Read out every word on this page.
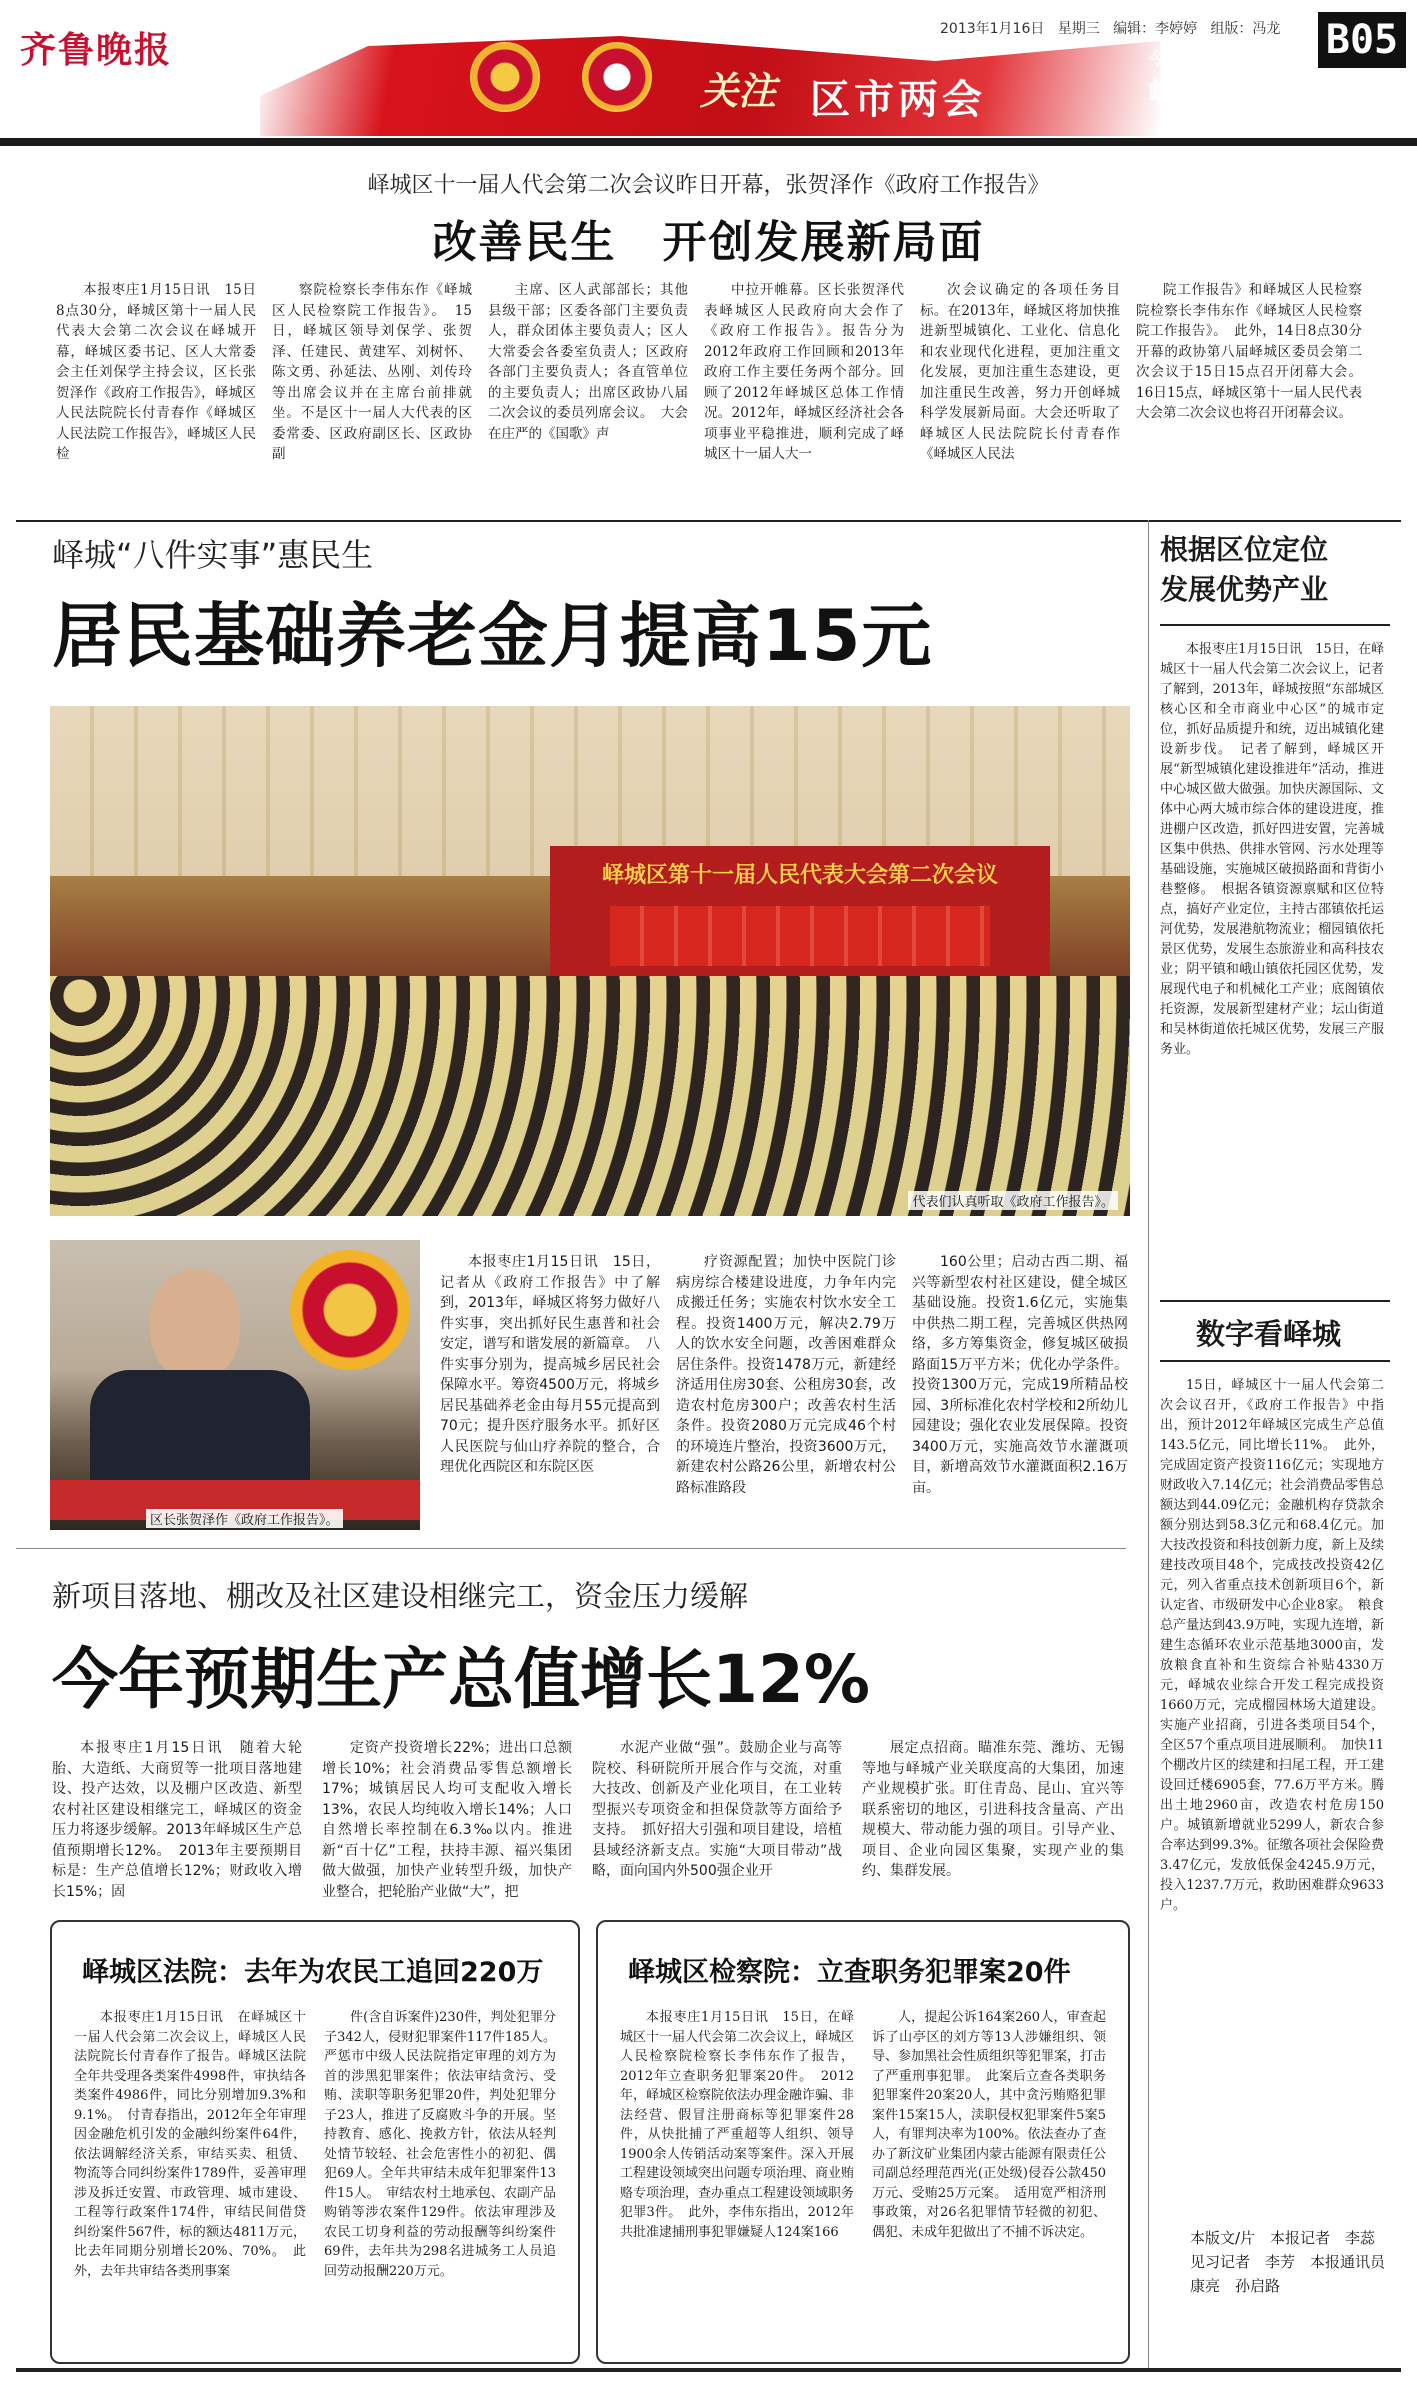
齐鲁晚报
关注 区市两会
2013年1月16日 星期三 编辑：李婷婷 组版：冯龙
今日枣庄
峄城篇
B05
峄城区十一届人代会第二次会议昨日开幕，张贺泽作《政府工作报告》
改善民生　开创发展新局面

本报枣庄1月15日讯　15日8点30分，峄城区第十一届人民代表大会第二次会议在峄城开幕，峄城区委书记、区人大常委会主任刘保学主持会议，区长张贺泽作《政府工作报告》，峄城区人民法院院长付青春作《峄城区人民法院工作报告》，峄城区人民检

察院检察长李伟东作《峄城区人民检察院工作报告》。　15日，峄城区领导刘保学、张贺泽、任建民、黄建军、刘树怀、陈文勇、孙延法、丛刚、刘传玲等出席会议并在主席台前排就坐。不是区十一届人大代表的区委常委、区政府副区长、区政协副

主席、区人武部部长；其他县级干部；区委各部门主要负责人，群众团体主要负责人；区人大常委会各委室负责人；区政府各部门主要负责人；各直管单位的主要负责人；出席区政协八届二次会议的委员列席会议。　大会在庄严的《国歌》声

中拉开帷幕。区长张贺泽代表峄城区人民政府向大会作了《政府工作报告》。报告分为2012年政府工作回顾和2013年政府工作主要任务两个部分。回顾了2012年峄城区总体工作情况。2012年，峄城区经济社会各项事业平稳推进，顺利完成了峄城区十一届人大一

次会议确定的各项任务目标。在2013年，峄城区将加快推进新型城镇化、工业化、信息化和农业现代化进程，更加注重文化发展，更加注重生态建设，更加注重民生改善，努力开创峄城科学发展新局面。大会还听取了峄城区人民法院院长付青春作《峄城区人民法

院工作报告》和峄城区人民检察院检察长李伟东作《峄城区人民检察院工作报告》。　此外，14日8点30分开幕的政协第八届峄城区委员会第二次会议于15日15点召开闭幕大会。16日15点，峄城区第十一届人民代表大会第二次会议也将召开闭幕会议。

峄城“八件实事”惠民生
居民基础养老金月提高15元
峄城区第十一届人民代表大会第二次会议
代表们认真听取《政府工作报告》。
区长张贺泽作《政府工作报告》。

本报枣庄1月15日讯　15日，记者从《政府工作报告》中了解到，2013年，峄城区将努力做好八件实事，突出抓好民生惠普和社会安定，谱写和谐发展的新篇章。　八件实事分别为，提高城乡居民社会保障水平。筹资4500万元，将城乡居民基础养老金由每月55元提高到70元；提升医疗服务水平。抓好区人民医院与仙山疗养院的整合，合理优化西院区和东院区医

疗资源配置；加快中医院门诊病房综合楼建设进度，力争年内完成搬迁任务；实施农村饮水安全工程。投资1400万元，解决2.79万人的饮水安全问题，改善困难群众居住条件。投资1478万元，新建经济适用住房30套、公租房30套，改造农村危房300户；改善农村生活条件。投资2080万元完成46个村的环境连片整治，投资3600万元，新建农村公路26公里，新增农村公路标准路段

160公里；启动古西二期、福兴等新型农村社区建设，健全城区基础设施。投资1.6亿元，实施集中供热二期工程，完善城区供热网络，多方筹集资金，修复城区破损路面15万平方米；优化办学条件。投资1300万元，完成19所精品校园、3所标准化农村学校和2所幼儿园建设；强化农业发展保障。投资3400万元，实施高效节水灌溉项目，新增高效节水灌溉面积2.16万亩。

新项目落地、棚改及社区建设相继完工，资金压力缓解
今年预期生产总值增长12%

本报枣庄1月15日讯　随着大轮胎、大造纸、大商贸等一批项目落地建设、投产达效，以及棚户区改造、新型农村社区建设相继完工，峄城区的资金压力将逐步缓解。2013年峄城区生产总值预期增长12%。　2013年主要预期目标是：生产总值增长12%；财政收入增长15%；固

定资产投资增长22%；进出口总额增长10%；社会消费品零售总额增长17%；城镇居民人均可支配收入增长13%，农民人均纯收入增长14%；人口自然增长率控制在6.3‰以内。推进新“百十亿”工程，扶持丰源、福兴集团做大做强，加快产业转型升级，加快产业整合，把轮胎产业做“大”，把

水泥产业做“强”。鼓励企业与高等院校、科研院所开展合作与交流，对重大技改、创新及产业化项目，在工业转型振兴专项资金和担保贷款等方面给予支持。　抓好招大引强和项目建设，培植县域经济新支点。实施“大项目带动”战略，面向国内外500强企业开

展定点招商。瞄准东莞、潍坊、无锡等地与峄城产业关联度高的大集团，加速产业规模扩张。盯住青岛、昆山、宜兴等联系密切的地区，引进科技含量高、产出规模大、带动能力强的项目。引导产业、项目、企业向园区集聚，实现产业的集约、集群发展。

峄城区法院：去年为农民工追回220万

本报枣庄1月15日讯　在峄城区十一届人代会第二次会议上，峄城区人民法院院长付青春作了报告。峄城区法院全年共受理各类案件4998件，审执结各类案件4986件，同比分别增加9.3%和9.1%。　付青春指出，2012年全年审理因金融危机引发的金融纠纷案件64件，依法调解经济关系，审结买卖、租赁、物流等合同纠纷案件1789件，妥善审理涉及拆迁安置、市政管理、城市建设、工程等行政案件174件，审结民间借贷纠纷案件567件，标的额达4811万元，比去年同期分别增长20%、70%。　此外，去年共审结各类刑事案

件(含自诉案件)230件，判处犯罪分子342人，侵财犯罪案件117件185人。严惩市中级人民法院指定审理的刘方为首的涉黑犯罪案件；依法审结贪污、受贿、渎职等职务犯罪20件，判处犯罪分子23人，推进了反腐败斗争的开展。坚持教育、感化、挽救方针，依法从轻判处情节较轻、社会危害性小的初犯、偶犯69人。全年共审结未成年犯罪案件13件15人。　审结农村土地承包、农副产品购销等涉农案件129件。依法审理涉及农民工切身利益的劳动报酬等纠纷案件69件，去年共为298名进城务工人员追回劳动报酬220万元。

峄城区检察院：立查职务犯罪案20件

本报枣庄1月15日讯　15日，在峄城区十一届人代会第二次会议上，峄城区人民检察院检察长李伟东作了报告，2012年立查职务犯罪案20件。　2012年，峄城区检察院依法办理金融诈骗、非法经营、假冒注册商标等犯罪案件28件，从快批捕了严重超等人组织、领导1900余人传销活动案等案件。深入开展工程建设领域突出问题专项治理、商业贿赂专项治理，查办重点工程建设领域职务犯罪3件。　此外，李伟东指出，2012年共批准逮捕刑事犯罪嫌疑人124案166

人，提起公诉164案260人，审查起诉了山亭区的刘方等13人涉嫌组织、领导、参加黑社会性质组织等犯罪案，打击了严重刑事犯罪。　此案后立查各类职务犯罪案件20案20人，其中贪污贿赂犯罪案件15案15人，渎职侵权犯罪案件5案5人，有罪判决率为100%。依法查办了查办了新汶矿业集团内蒙古能源有限责任公司副总经理范西光(正处级)侵吞公款450万元、受贿25万元案。　适用宽严相济刑事政策，对26名犯罪情节轻微的初犯、偶犯、未成年犯做出了不捕不诉决定。

根据区位定位
发展优势产业

本报枣庄1月15日讯　15日，在峄城区十一届人代会第二次会议上，记者了解到，2013年，峄城按照“东部城区核心区和全市商业中心区”的城市定位，抓好品质提升和统，迈出城镇化建设新步伐。　记者了解到，峄城区开展“新型城镇化建设推进年”活动，推进中心城区做大做强。加快庆源国际、文体中心两大城市综合体的建设进度，推进棚户区改造，抓好四进安置，完善城区集中供热、供排水管网、污水处理等基础设施，实施城区破损路面和背街小巷整修。　根据各镇资源禀赋和区位特点，搞好产业定位，主持古邵镇依托运河优势，发展港航物流业；榴园镇依托景区优势，发展生态旅游业和高科技农业；阴平镇和峨山镇依托园区优势，发展现代电子和机械化工产业；底阁镇依托资源，发展新型建材产业；坛山街道和吴林街道依托城区优势，发展三产服务业。

数字看峄城

15日，峄城区十一届人代会第二次会议召开，《政府工作报告》中指出，预计2012年峄城区完成生产总值143.5亿元，同比增长11%。　此外，完成固定资产投资116亿元；实现地方财政收入7.14亿元；社会消费品零售总额达到44.09亿元；金融机构存贷款余额分别达到58.3亿元和68.4亿元。加大技改投资和科技创新力度，新上及续建技改项目48个，完成技改投资42亿元，列入省重点技术创新项目6个，新认定省、市级研发中心企业8家。　粮食总产量达到43.9万吨，实现九连增，新建生态循环农业示范基地3000亩，发放粮食直补和生资综合补贴4330万元，峄城农业综合开发工程完成投资1660万元，完成榴园林场大道建设。实施产业招商，引进各类项目54个，全区57个重点项目进展顺利。　加快11个棚改片区的续建和扫尾工程，开工建设回迁楼6905套，77.6万平方米。腾出土地2960亩，改造农村危房150户。城镇新增就业5299人，新农合参合率达到99.3%。征缴各项社会保险费3.47亿元，发放低保金4245.9万元，投入1237.7万元，救助困难群众9633户。

本版文/片　本报记者　李蕊　见习记者　李芳　本报通讯员　康亮　孙启路
